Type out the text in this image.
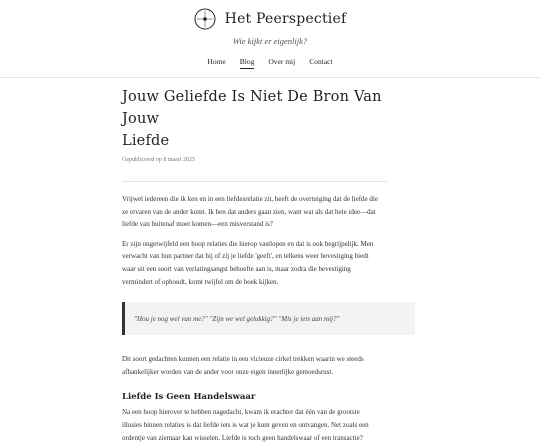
Het Peerspectief
Wie kijkt er eigenlijk?
Home Blog Over mij Contact
Jouw Geliefde Is Niet De Bron Van Jouw
Liefde
Gepubliceerd op 8 maart 2025

Vrijwel iedereen die ik ken en in een liefdesrelatie zit, heeft de overtuiging dat de liefde die
ze ervaren van de ander komt. Ik ben dat anders gaan zien, want wat als dat hele idee—dat
liefde van buitenaf moet komen—een misverstand is?

Er zijn ongetwijfeld een hoop relaties die hierop vastlopen en dat is ook begrijpelijk. Men
verwacht van hun partner dat hij of zij je liefde 'geeft', en telkens weer bevestiging biedt
waar uit een soort van verlatingsangst behoefte aan is, maar zodra die bevestiging
vermindert of ophoudt, komt twijfel om de hoek kijken.

"Hou je nog wel van me?" "Zijn we wel gelukkig?" "Mis je iets aan mij?"

Dit soort gedachten kunnen een relatie in een vicieuze cirkel trekken waarin we steeds
afhankelijker worden van de ander voor onze eigen innerlijke gemoedsrust.

Liefde Is Geen Handelswaar

Na een hoop hierover te hebben nagedacht, kwam ik erachter dat één van de grootste
illusies binnen relaties is dat liefde iets is wat je kunt geven en ontvangen. Net zoals een
ordentje van ziemaar kan wisselen. Liefde is toch geen handelswaar of een transactie?
